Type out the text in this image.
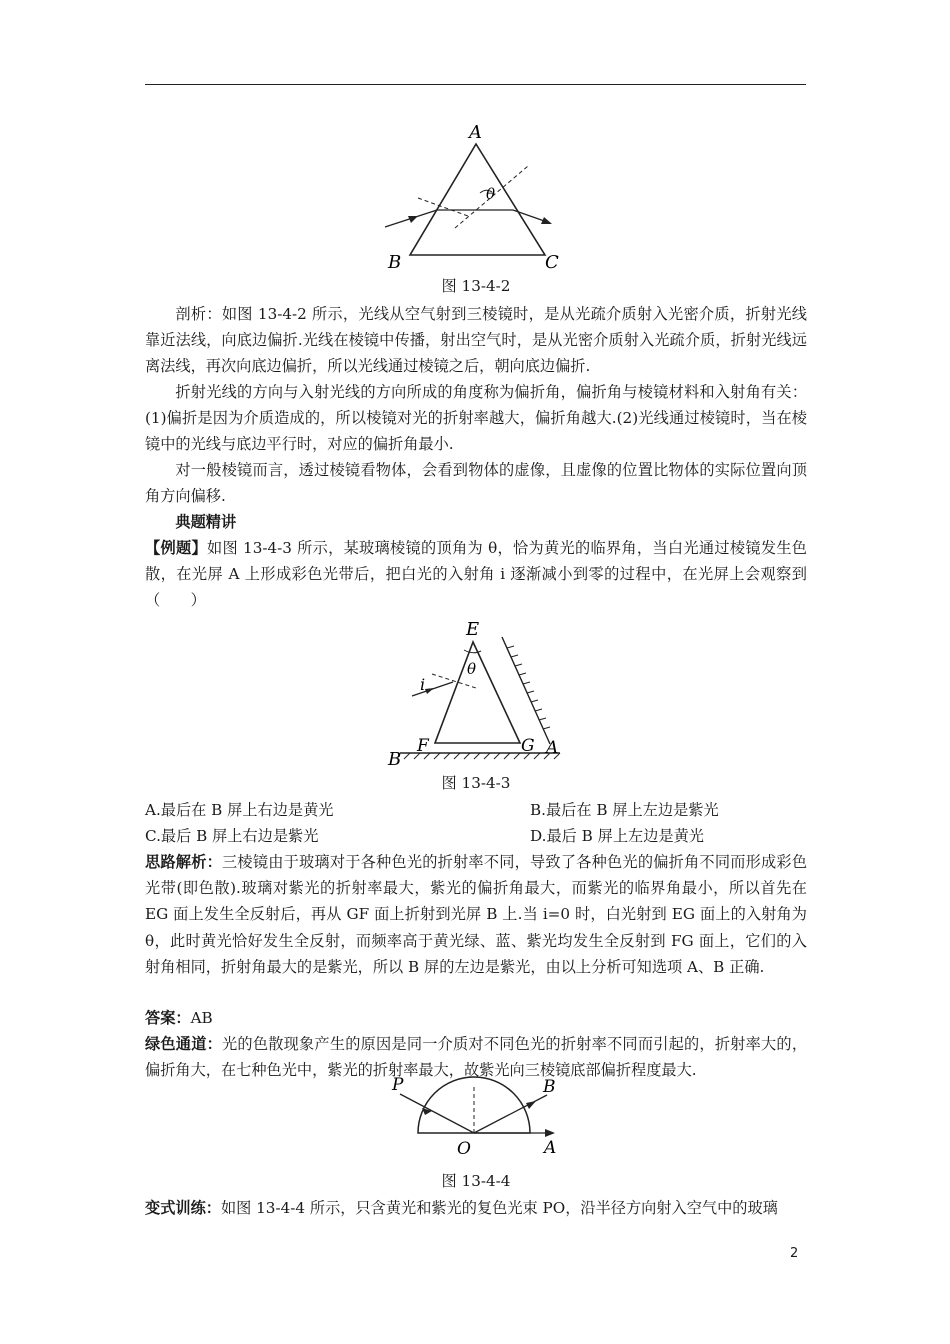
A
θ
B	C
图 13-4-2

剖析：如图 13-4-2 所示，光线从空气射到三棱镜时，是从光疏介质射入光密介质，折射光线靠近法线，向底边偏折.光线在棱镜中传播，射出空气时，是从光密介质射入光疏介质，折射光线远离法线，再次向底边偏折，所以光线通过棱镜之后，朝向底边偏折.

折射光线的方向与入射光线的方向所成的角度称为偏折角，偏折角与棱镜材料和入射角有关：(1)偏折是因为介质造成的，所以棱镜对光的折射率越大，偏折角越大.(2)光线通过棱镜时，当在棱镜中的光线与底边平行时，对应的偏折角最小.

对一般棱镜而言，透过棱镜看物体，会看到物体的虚像，且虚像的位置比物体的实际位置向顶角方向偏移.

典题精讲

【例题】如图 13-4-3 所示，某玻璃棱镜的顶角为 θ，恰为黄光的临界角，当白光通过棱镜发生色散，在光屏 A 上形成彩色光带后，把白光的入射角 i 逐渐减小到零的过程中，在光屏上会观察到（　　）

E
θ
i
F	G A
B
图 13-4-3
A.最后在 B 屏上右边是黄光	B.最后在 B 屏上左边是紫光
C.最后 B 屏上右边是紫光	D.最后 B 屏上左边是黄光

思路解析：三棱镜由于玻璃对于各种色光的折射率不同，导致了各种色光的偏折角不同而形成彩色光带(即色散).玻璃对紫光的折射率最大，紫光的偏折角最大，而紫光的临界角最小，所以首先在 EG 面上发生全反射后，再从 GF 面上折射到光屏 B 上.当 i=0 时，白光射到 EG 面上的入射角为 θ，此时黄光恰好发生全反射，而频率高于黄光绿、蓝、紫光均发生全反射到 FG 面上，它们的入射角相同，折射角最大的是紫光，所以 B 屏的左边是紫光，由以上分析可知选项 A、B 正确.

答案：AB

绿色通道：光的色散现象产生的原因是同一介质对不同色光的折射率不同而引起的，折射率大的，偏折角大，在七种色光中，紫光的折射率最大，故紫光向三棱镜底部偏折程度最大.

P	B
O	A
图 13-4-4

变式训练：如图 13-4-4 所示，只含黄光和紫光的复色光束 PO，沿半径方向射入空气中的玻璃

2
